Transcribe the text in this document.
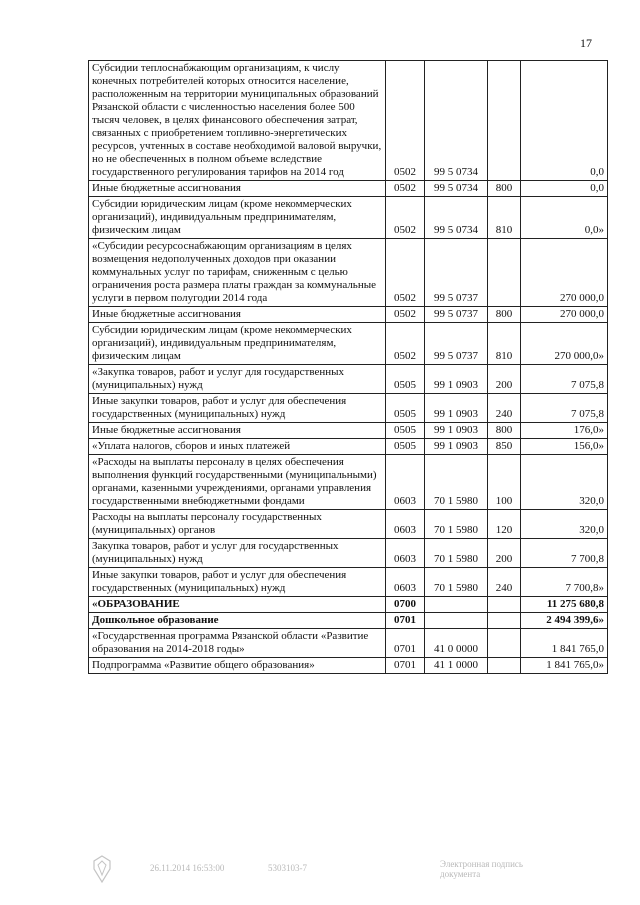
17
Субсидии теплоснабжающим организациям, к числу конечных потребителей которых относится население, расположенным на территории муниципальных образований Рязанской области с численностью населения более 500 тысяч человек, в целях финансового обеспечения затрат, связанных с приобретением топливно-энергетических ресурсов, учтенных в составе необходимой валовой выручки, но не обеспеченных в полном объеме вследствие государственного регулирования тарифов на 2014 год	0502	99 5 0734		0,0
Иные бюджетные ассигнования	0502	99 5 0734	800	0,0
Субсидии юридическим лицам (кроме некоммерческих организаций), индивидуальным предпринимателям, физическим лицам	0502	99 5 0734	810	0,0»
«Субсидии ресурсоснабжающим организациям в целях возмещения недополученных доходов при оказании коммунальных услуг по тарифам, сниженным с целью ограничения роста размера платы граждан за коммунальные услуги в первом полугодии 2014 года	0502	99 5 0737		270 000,0
Иные бюджетные ассигнования	0502	99 5 0737	800	270 000,0
Субсидии юридическим лицам (кроме некоммерческих организаций), индивидуальным предпринимателям, физическим лицам	0502	99 5 0737	810	270 000,0»
«Закупка товаров, работ и услуг для государственных (муниципальных) нужд	0505	99 1 0903	200	7 075,8
Иные закупки товаров, работ и услуг для обеспечения государственных (муниципальных) нужд	0505	99 1 0903	240	7 075,8
Иные бюджетные ассигнования	0505	99 1 0903	800	176,0»
«Уплата налогов, сборов и иных платежей	0505	99 1 0903	850	156,0»
«Расходы на выплаты персоналу в целях обеспечения выполнения функций государственными (муниципальными) органами, казенными учреждениями, органами управления государственными внебюджетными фондами	0603	70 1 5980	100	320,0
Расходы на выплаты персоналу государственных (муниципальных) органов	0603	70 1 5980	120	320,0
Закупка товаров, работ и услуг для государственных (муниципальных) нужд	0603	70 1 5980	200	7 700,8
Иные закупки товаров, работ и услуг для обеспечения государственных (муниципальных) нужд	0603	70 1 5980	240	7 700,8»
«ОБРАЗОВАНИЕ	0700			11 275 680,8
Дошкольное образование	0701			2 494 399,6»
«Государственная программа Рязанской области «Развитие образования на 2014-2018 годы»	0701	41 0 0000		1 841 765,0
Подпрограмма «Развитие общего образования»	0701	41 1 0000		1 841 765,0»
26.11.2014 16:53:00	5303103-7	Электронная подпись документа
